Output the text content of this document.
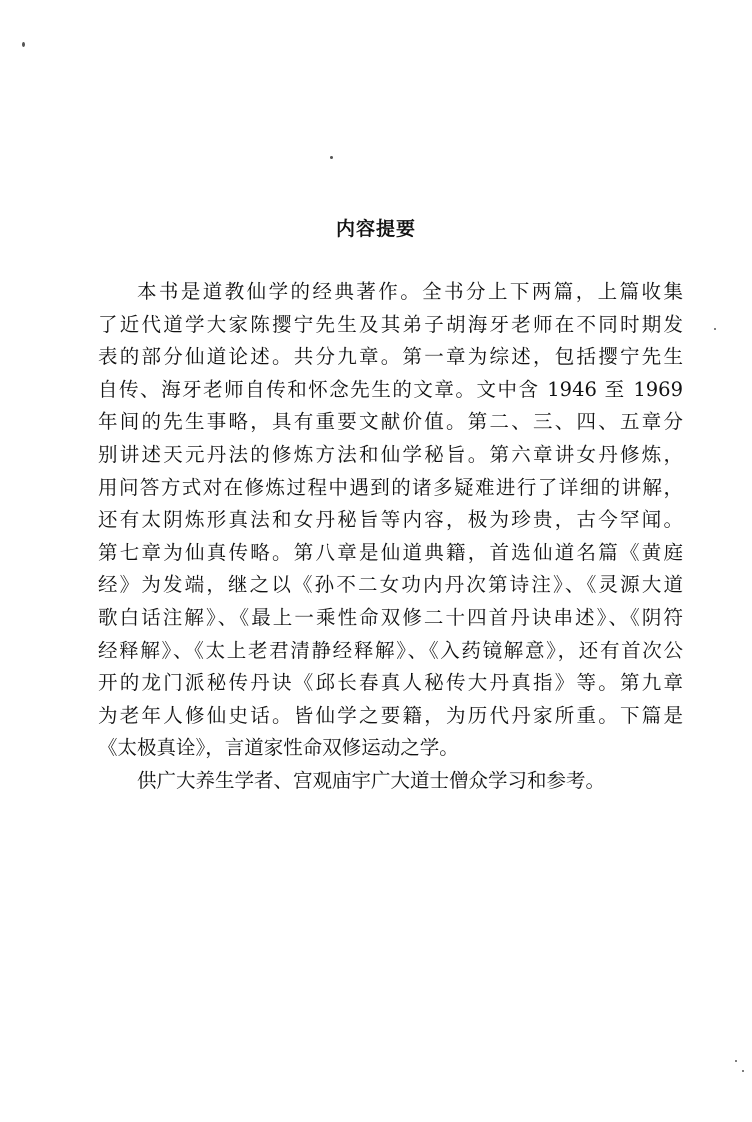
内容提要

本书是道教仙学的经典著作。全书分上下两篇，上篇收集
了近代道学大家陈撄宁先生及其弟子胡海牙老师在不同时期发
表的部分仙道论述。共分九章。第一章为综述，包括撄宁先生
自传、海牙老师自传和怀念先生的文章。文中含 1946 至 1969
年间的先生事略，具有重要文献价值。第二、三、四、五章分
别讲述天元丹法的修炼方法和仙学秘旨。第六章讲女丹修炼，
用问答方式对在修炼过程中遇到的诸多疑难进行了详细的讲解，
还有太阴炼形真法和女丹秘旨等内容，极为珍贵，古今罕闻。
第七章为仙真传略。第八章是仙道典籍，首选仙道名篇《黄庭
经》为发端，继之以《孙不二女功内丹次第诗注》、《灵源大道
歌白话注解》、《最上一乘性命双修二十四首丹诀串述》、《阴符
经释解》、《太上老君清静经释解》、《入药镜解意》，还有首次公
开的龙门派秘传丹诀《邱长春真人秘传大丹真指》等。第九章
为老年人修仙史话。皆仙学之要籍，为历代丹家所重。下篇是
《太极真诠》，言道家性命双修运动之学。

供广大养生学者、宫观庙宇广大道士僧众学习和参考。
